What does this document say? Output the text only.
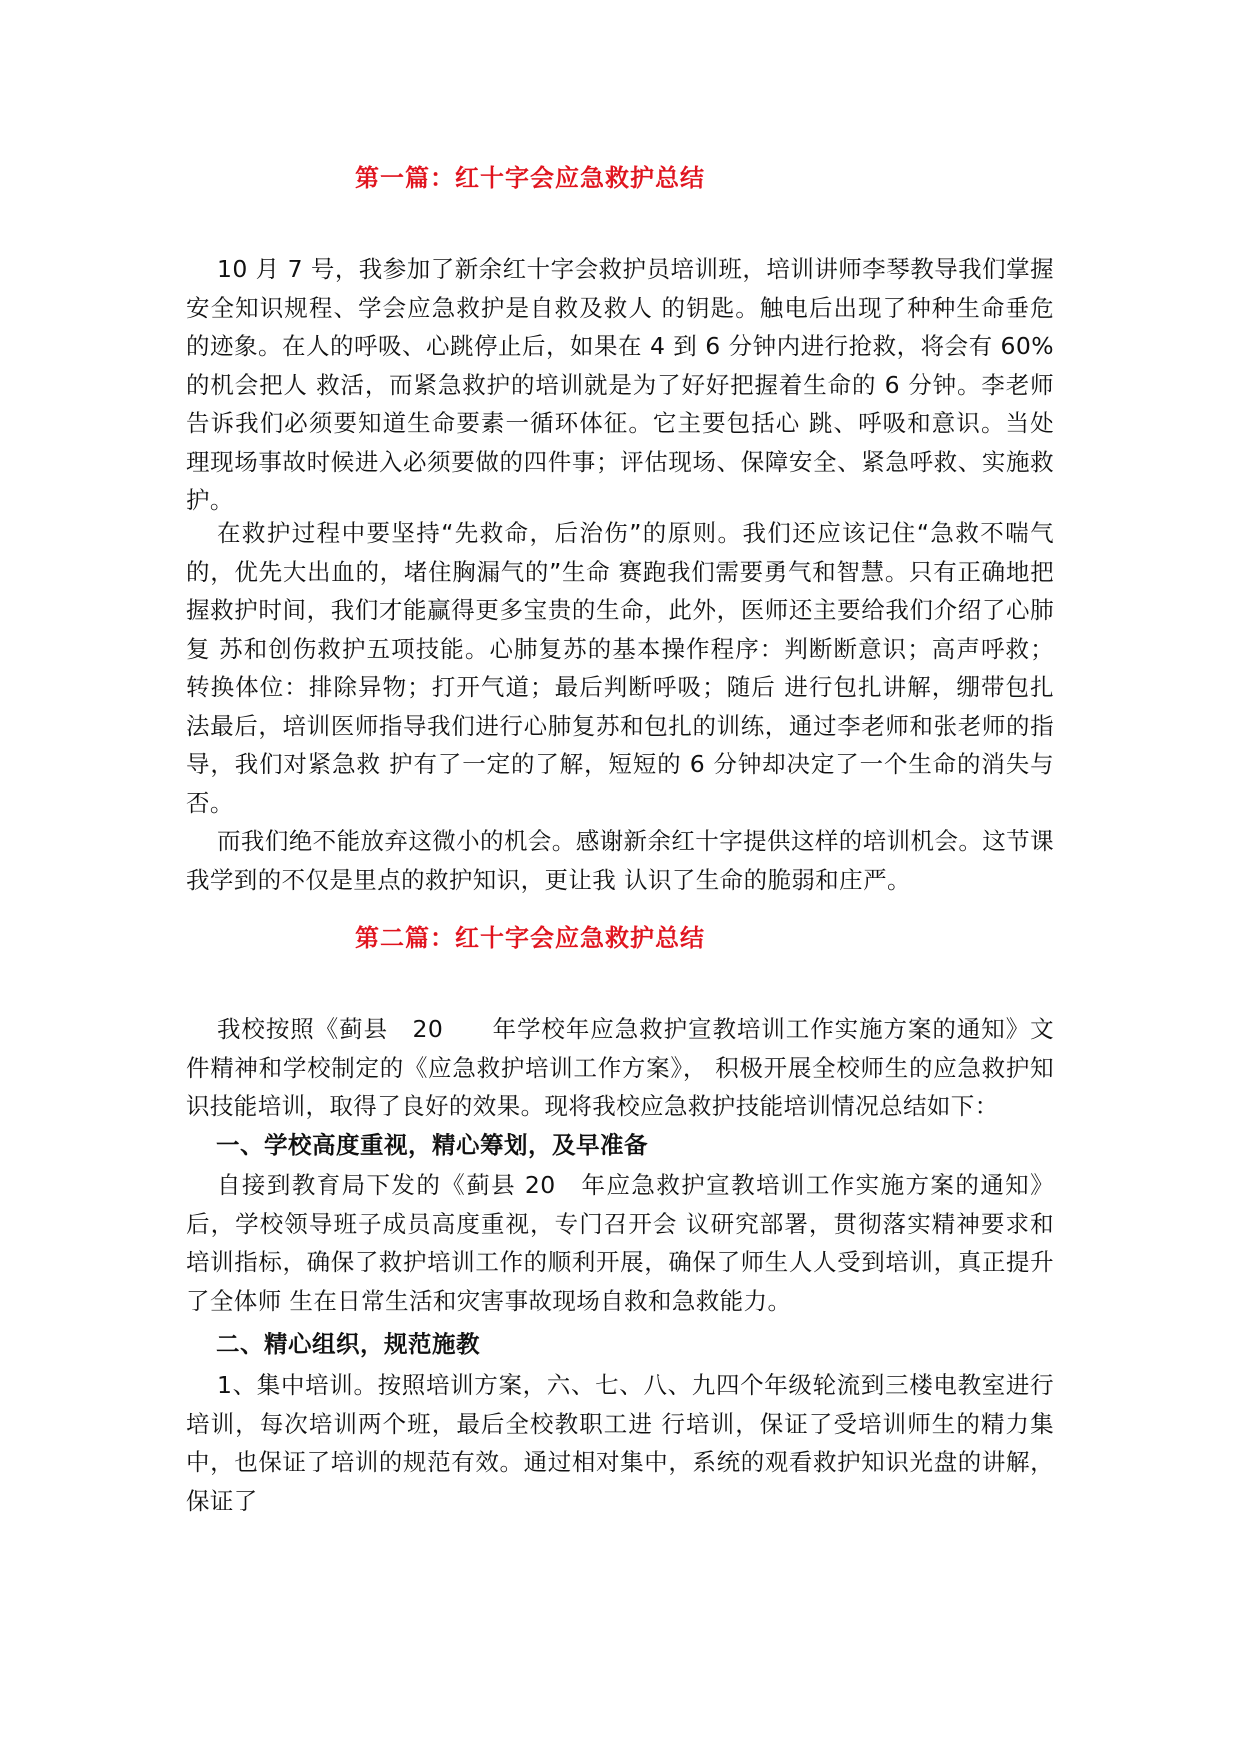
第一篇：红十字会应急救护总结

10 月 7 号，我参加了新余红十字会救护员培训班，培训讲师李琴教导我们掌握安全知识规程、学会应急救护是自救及救人 的钥匙。触电后出现了种种生命垂危的迹象。在人的呼吸、心跳停止后，如果在 4 到 6 分钟内进行抢救，将会有 60%的机会把人 救活，而紧急救护的培训就是为了好好把握着生命的 6 分钟。李老师告诉我们必须要知道生命要素一循环体征。它主要包括心 跳、呼吸和意识。当处理现场事故时候进入必须要做的四件事；评估现场、保障安全、紧急呼救、实施救护。

在救护过程中要坚持“先救命，后治伤”的原则。我们还应该记住“急救不喘气的，优先大出血的，堵住胸漏气的”生命 赛跑我们需要勇气和智慧。只有正确地把握救护时间，我们才能赢得更多宝贵的生命，此外，医师还主要给我们介绍了心肺复 苏和创伤救护五项技能。心肺复苏的基本操作程序：判断断意识；高声呼救；转换体位：排除异物；打开气道；最后判断呼吸；随后 进行包扎讲解，绷带包扎法最后，培训医师指导我们进行心肺复苏和包扎的训练，通过李老师和张老师的指导，我们对紧急救 护有了一定的了解，短短的 6 分钟却决定了一个生命的消失与否。

而我们绝不能放弃这微小的机会。感谢新余红十字提供这样的培训机会。这节课我学到的不仅是里点的救护知识，更让我 认识了生命的脆弱和庄严。

第二篇：红十字会应急救护总结

我校按照《蓟县　20　　年学校年应急救护宣教培训工作实施方案的通知》文件精神和学校制定的《应急救护培训工作方案》， 积极开展全校师生的应急救护知识技能培训，取得了良好的效果。现将我校应急救护技能培训情况总结如下：

一、学校高度重视，精心筹划，及早准备

自接到教育局下发的《蓟县 20　年应急救护宣教培训工作实施方案的通知》后，学校领导班子成员高度重视，专门召开会 议研究部署，贯彻落实精神要求和培训指标，确保了救护培训工作的顺利开展，确保了师生人人受到培训，真正提升了全体师 生在日常生活和灾害事故现场自救和急救能力。

二、精心组织，规范施教

1、集中培训。按照培训方案，六、七、八、九四个年级轮流到三楼电教室进行培训，每次培训两个班，最后全校教职工进 行培训，保证了受培训师生的精力集中，也保证了培训的规范有效。通过相对集中，系统的观看救护知识光盘的讲解，保证了
